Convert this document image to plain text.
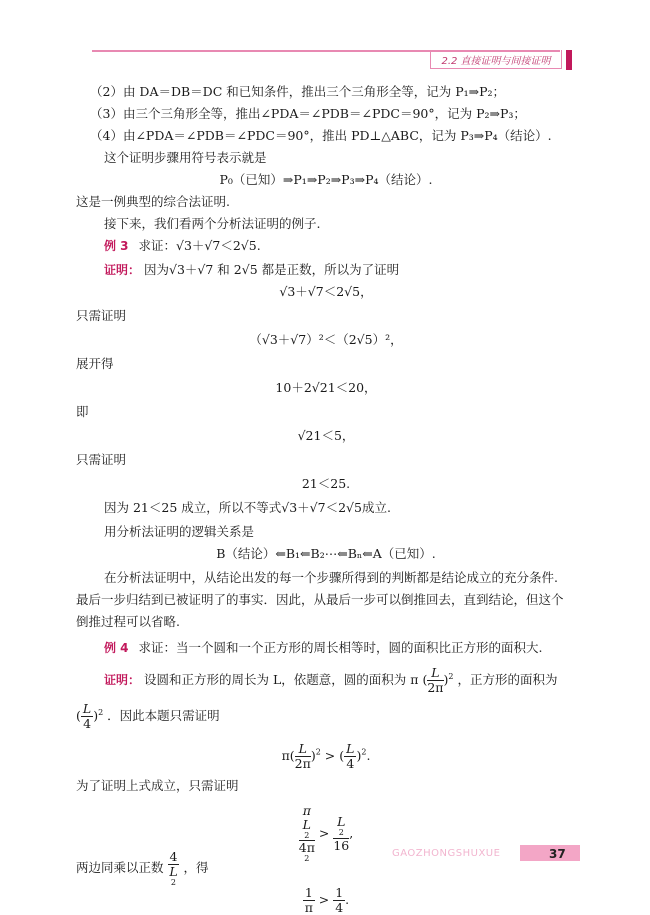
2.2 直接证明与间接证明
（2）由 DA＝DB＝DC 和已知条件，推出三个三角形全等，记为 P₁⇒P₂；
（3）由三个三角形全等，推出∠PDA＝∠PDB＝∠PDC＝90°，记为 P₂⇒P₃；
（4）由∠PDA＝∠PDB＝∠PDC＝90°，推出 PD⊥△ABC，记为 P₃⇒P₄（结论）.
这个证明步骤用符号表示就是
P₀（已知）⇒P₁⇒P₂⇒P₃⇒P₄（结论）.
这是一例典型的综合法证明.
接下来，我们看两个分析法证明的例子.
例 3 求证：√3＋√7＜2√5.
证明： 因为√3＋√7 和 2√5 都是正数，所以为了证明
√3＋√7＜2√5，
只需证明
（√3＋√7）²＜（2√5）²，
展开得
10＋2√21＜20，
即
√21＜5，
只需证明
21＜25.
因为 21＜25 成立，所以不等式√3＋√7＜2√5成立.
用分析法证明的逻辑关系是
B（结论）⇐B₁⇐B₂⋯⇐Bₙ⇐A（已知）.
在分析法证明中，从结论出发的每一个步骤所得到的判断都是结论成立的充分条件.
最后一步归结到已被证明了的事实．因此，从最后一步可以倒推回去，直到结论，但这个
倒推过程可以省略.
例 4 求证：当一个圆和一个正方形的周长相等时，圆的面积比正方形的面积大.
证明： 设圆和正方形的周长为 L，依题意，圆的面积为 π ( $\frac{L}{2\pi} )^2$ ，正方形的面积为
( $\frac{L}{4} )^2$ ．因此本题只需证明
$\pi( \frac{L}{2\pi} )^2$ > ( $\frac{L}{4} )^2$.
为了证明上式成立，只需证明
π
L
2
4π
2 > L
2
16 ,
两边同乘以正数 4
L
2 ，得
$\frac{1}{\pi} > \frac{1}{4}$ .
GAOZHONGSHUXUE	37
